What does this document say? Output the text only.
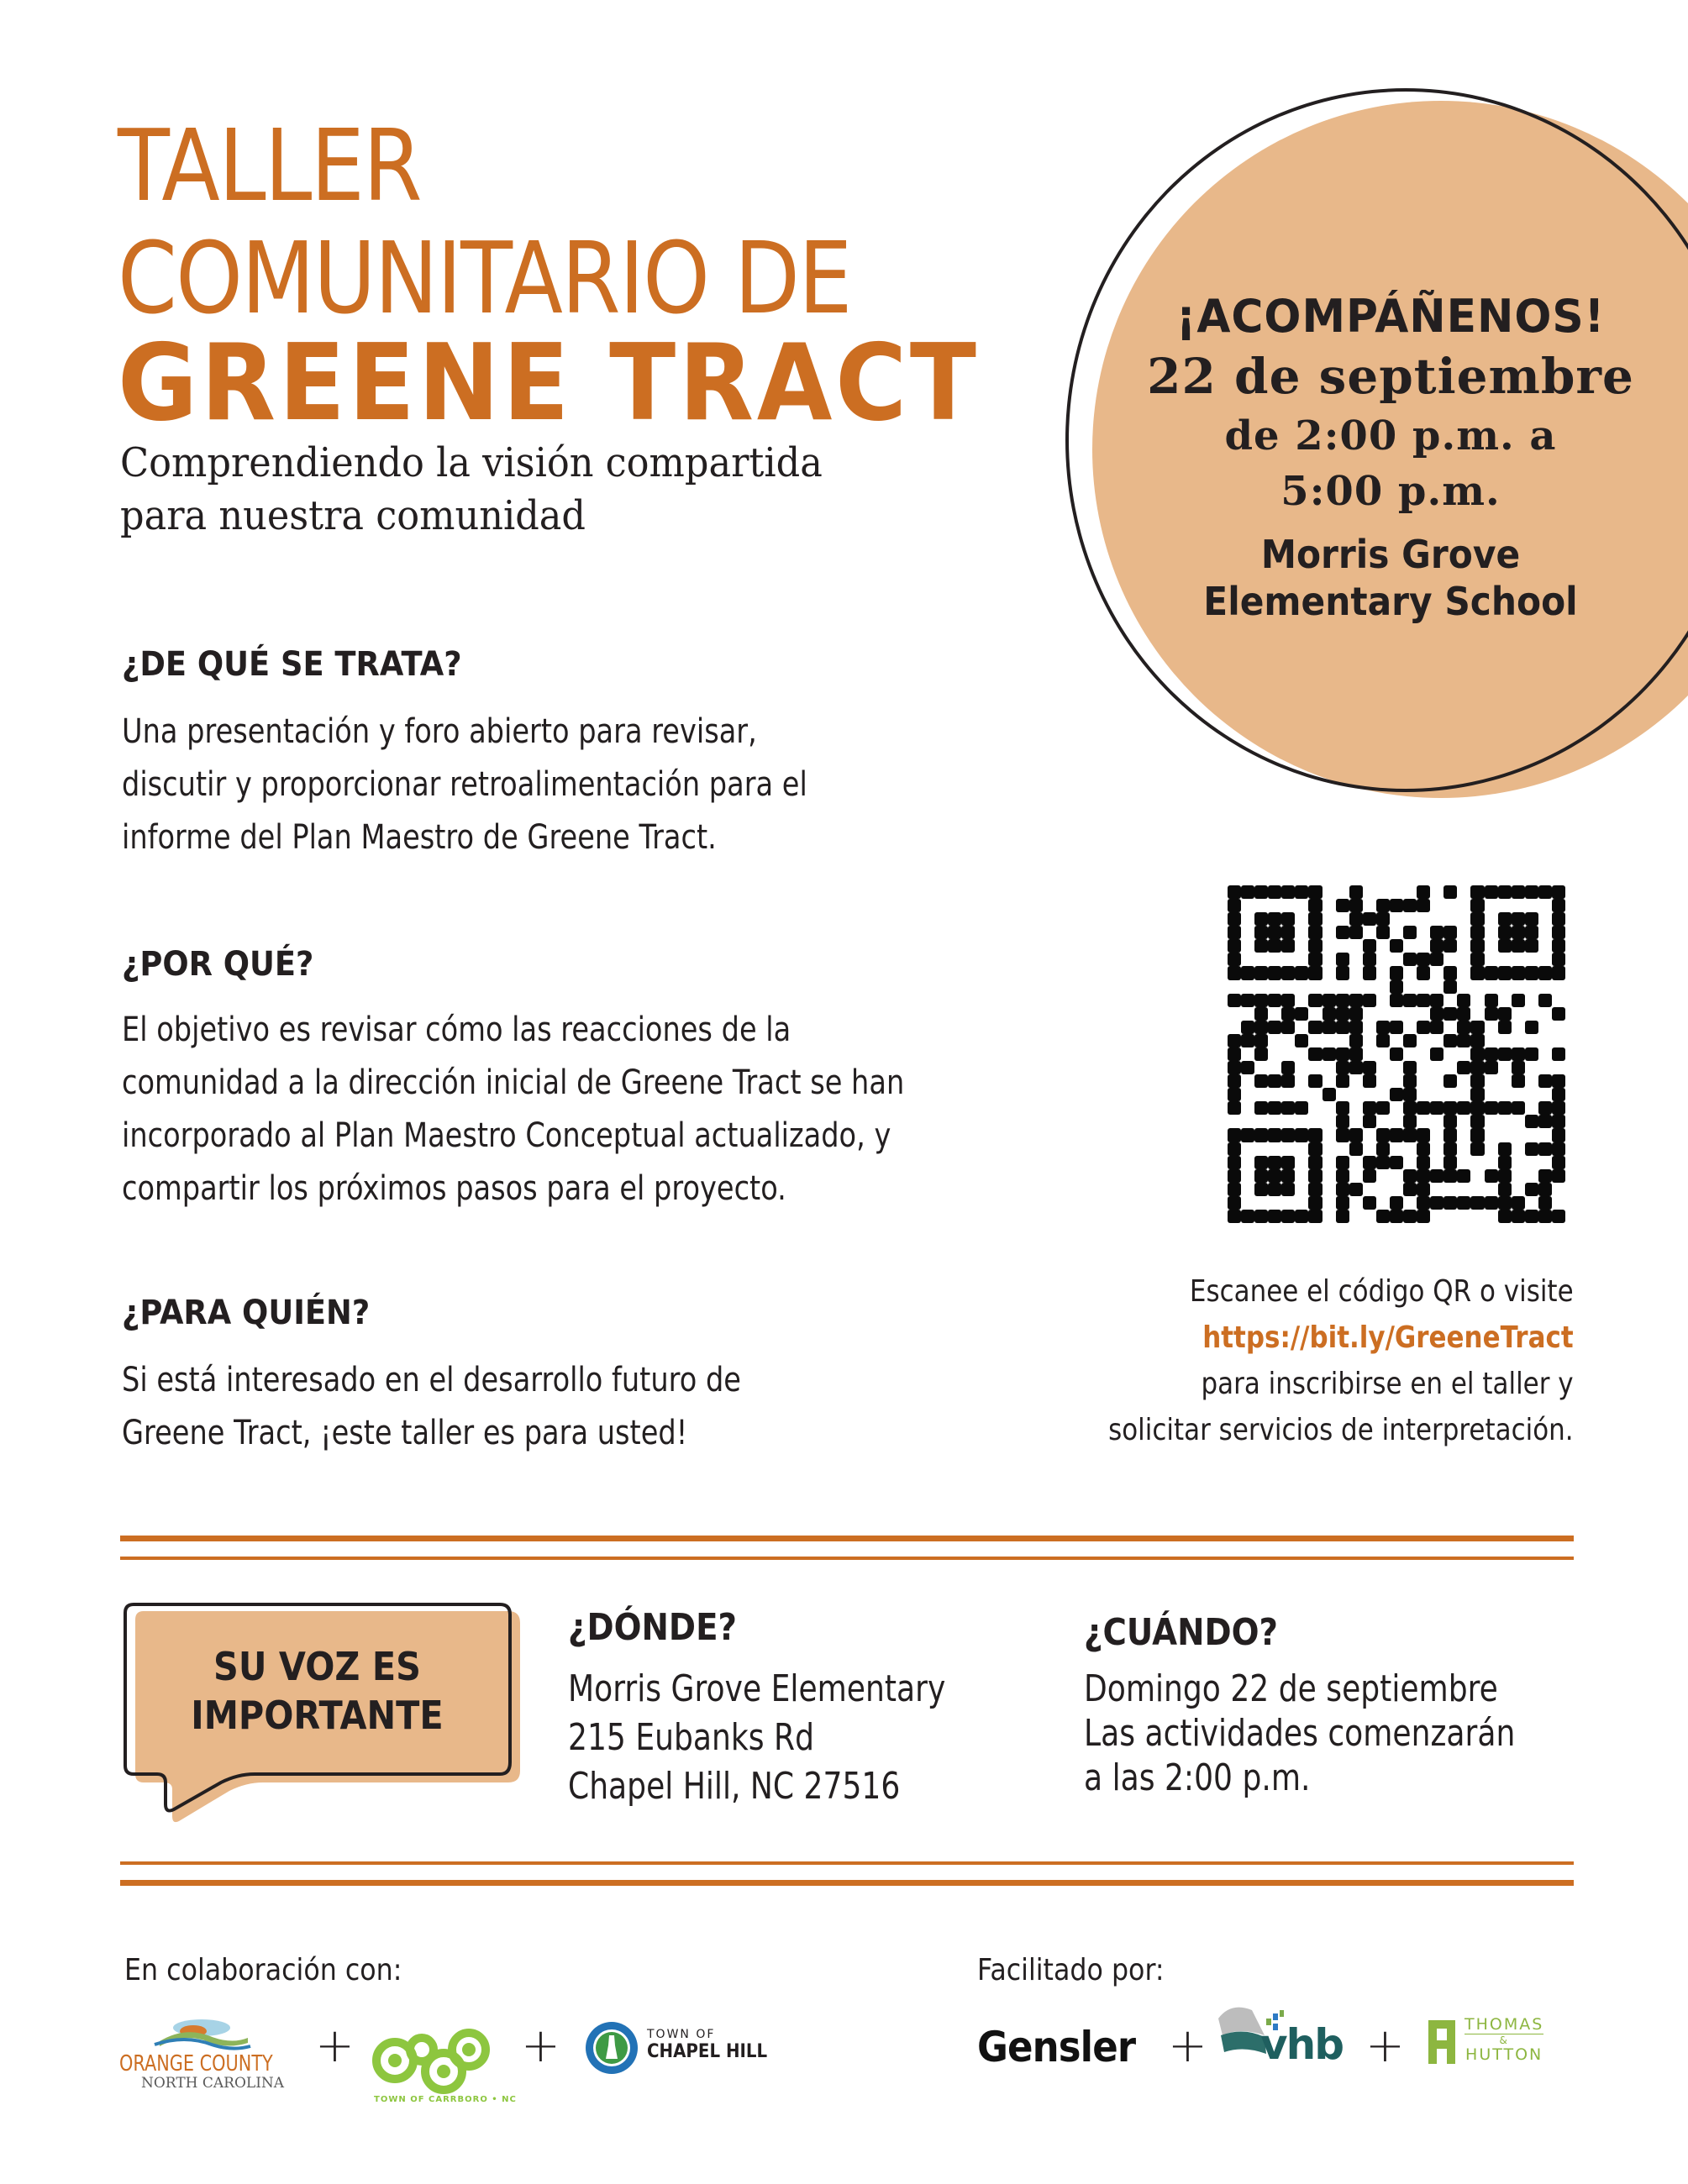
TALLER
COMUNITARIO DE
GREENE TRACT
Comprendiendo la visión compartida
para nuestra comunidad
¡ACOMPÁÑENOS!
22 de septiembre
de 2:00 p.m. a
5:00 p.m.
Morris Grove
Elementary School
¿DE QUÉ SE TRATA?
Una presentación y foro abierto para revisar,
discutir y proporcionar retroalimentación para el
informe del Plan Maestro de Greene Tract.
¿POR QUÉ?
El objetivo es revisar cómo las reacciones de la
comunidad a la dirección inicial de Greene Tract se han
incorporado al Plan Maestro Conceptual actualizado, y
compartir los próximos pasos para el proyecto.
¿PARA QUIÉN?
Si está interesado en el desarrollo futuro de
Greene Tract, ¡este taller es para usted!
Escanee el código QR o visite
https://bit.ly/GreeneTract
para inscribirse en el taller y
solicitar servicios de interpretación.
SU VOZ ES
IMPORTANTE
¿DÓNDE?
Morris Grove Elementary
215 Eubanks Rd
Chapel Hill, NC 27516
¿CUÁNDO?
Domingo 22 de septiembre
Las actividades comenzarán
a las 2:00 p.m.
En colaboración con:	Facilitado por:
ORANGE COUNTY
NORTH CAROLINA
+
TOWN OF CARRBORO • NC
+	TOWN OF
CHAPEL HILL	Gensler + vhb +	THOMAS
&
HUTTON
